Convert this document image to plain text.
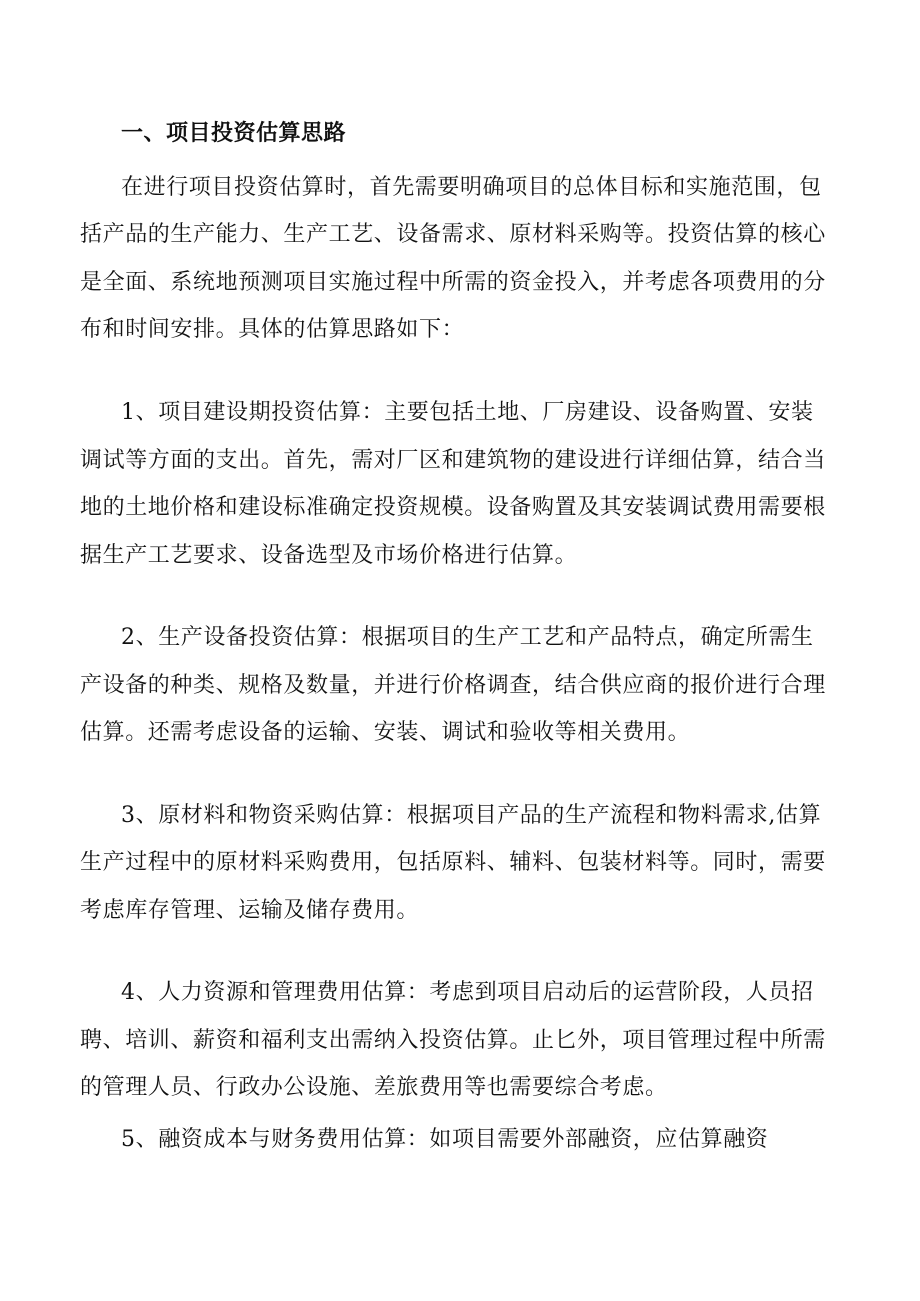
一、项目投资估算思路
在进行项目投资估算时，首先需要明确项目的总体目标和实施范围，包
括产品的生产能力、生产工艺、设备需求、原材料采购等。投资估算的核心
是全面、系统地预测项目实施过程中所需的资金投入，并考虑各项费用的分
布和时间安排。具体的估算思路如下：
1、项目建设期投资估算：主要包括土地、厂房建设、设备购置、安装
调试等方面的支出。首先，需对厂区和建筑物的建设进行详细估算，结合当
地的土地价格和建设标准确定投资规模。设备购置及其安装调试费用需要根
据生产工艺要求、设备选型及市场价格进行估算。
2、生产设备投资估算：根据项目的生产工艺和产品特点，确定所需生
产设备的种类、规格及数量，并进行价格调查，结合供应商的报价进行合理
估算。还需考虑设备的运输、安装、调试和验收等相关费用。
3、原材料和物资采购估算：根据项目产品的生产流程和物料需求,估算
生产过程中的原材料采购费用，包括原料、辅料、包装材料等。同时，需要
考虑库存管理、运输及储存费用。
4、人力资源和管理费用估算：考虑到项目启动后的运营阶段，人员招
聘、培训、薪资和福利支出需纳入投资估算。止匕外，项目管理过程中所需
的管理人员、行政办公设施、差旅费用等也需要综合考虑。
5、融资成本与财务费用估算：如项目需要外部融资，应估算融资
